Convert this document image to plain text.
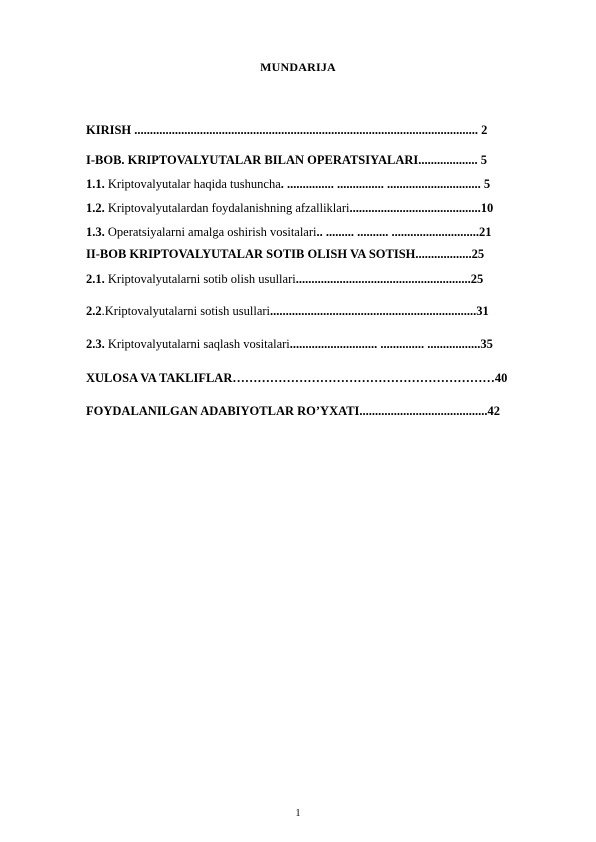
MUNDARIJA
KIRISH .............................................................................................................. 2
I-BOB. KRIPTOVALYUTALAR BILAN OPERATSIYALARI................... 5
1.1. Kriptovalyutalar haqida tushuncha. ............... ............... .............................. 5
1.2. Kriptovalyutalardan foydalanishning afzalliklari..........................................10
1.3. Operatsiyalarni amalga oshirish vositalari.. ......... .......... ............................21
II-BOB KRIPTOVALYUTALAR SOTIB OLISH VA SOTISH..................25
2.1. Kriptovalyutalarni sotib olish usullari........................................................25
2.2.Kriptovalyutalarni sotish usullari..................................................................31
2.3. Kriptovalyutalarni saqlash vositalari............................ .............. .................35
XULOSA VA TAKLIFLAR………………………………………………………40
FOYDALANILGAN ADABIYOTLAR RO’YXATI.........................................42
1
